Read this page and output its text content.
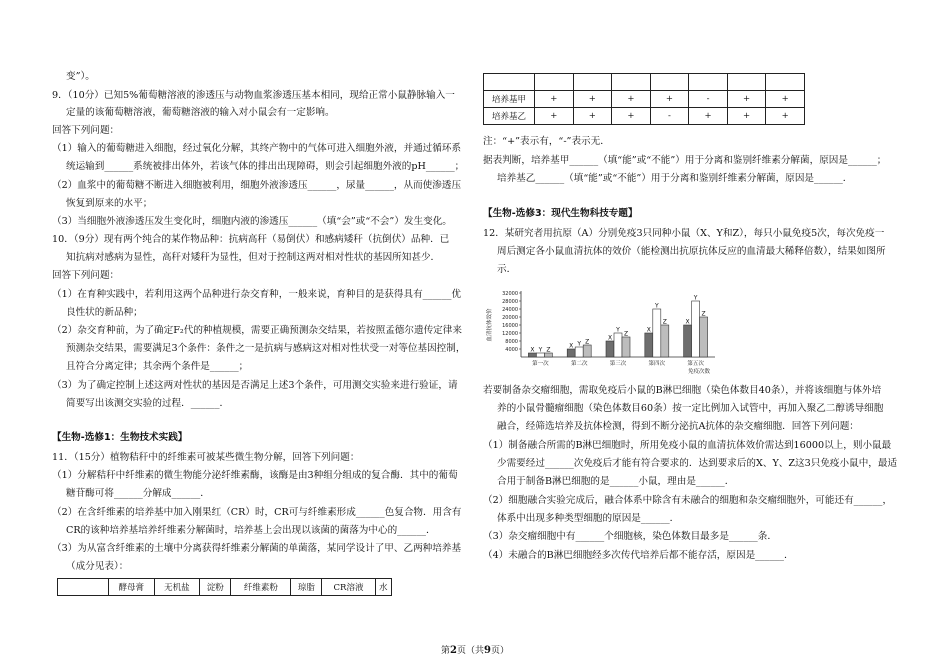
变”）。
9．（10分）已知5%葡萄糖溶液的渗透压与动物血浆渗透压基本相同，现给正常小鼠静脉输入一
定量的该葡萄糖溶液，葡萄糖溶液的输入对小鼠会有一定影响。
回答下列问题：
（1）输入的葡萄糖进入细胞，经过氧化分解，其终产物中的气体可进入细胞外液，并通过循环系
统运输到______系统被排出体外，若该气体的排出出现障碍，则会引起细胞外液的pH______；
（2）血浆中的葡萄糖不断进入细胞被利用，细胞外液渗透压______，尿量______，从而使渗透压
恢复到原来的水平；
（3）当细胞外液渗透压发生变化时，细胞内液的渗透压______（填“会”或“不会”）发生变化。
10．（9分）现有两个纯合的某作物品种：抗病高秆（易倒伏）和感病矮秆（抗倒伏）品种．已
知抗病对感病为显性，高秆对矮秆为显性，但对于控制这两对相对性状的基因所知甚少．
回答下列问题：
（1）在育种实践中，若利用这两个品种进行杂交育种，一般来说，育种目的是获得具有______优
良性状的新品种；
（2）杂交育种前，为了确定F₂代的种植规模，需要正确预测杂交结果，若按照孟德尔遗传定律来
预测杂交结果，需要满足3个条件：条件之一是抗病与感病这对相对性状受一对等位基因控制，
且符合分离定律；其余两个条件是______；
（3）为了确定控制上述这两对性状的基因是否满足上述3个条件，可用测交实验来进行验证，请
简要写出该测交实验的过程．______．
【生物-选修1：生物技术实践】
11．（15分）植物秸秆中的纤维素可被某些微生物分解，回答下列问题：
（1）分解秸秆中纤维素的微生物能分泌纤维素酶，该酶是由3种组分组成的复合酶．其中的葡萄
糖苷酶可将______分解成______．
（2）在含纤维素的培养基中加入刚果红（CR）时，CR可与纤维素形成______色复合物．用含有
CR的该种培养基培养纤维素分解菌时，培养基上会出现以该菌的菌落为中心的______．
（3）为从富含纤维素的土壤中分离获得纤维素分解菌的单菌落，某同学设计了甲、乙两种培养基
（成分见表）：
	酵母膏	无机盐	淀粉	纤维素粉	琼脂	CR溶液	水

培养基甲	+	+	+	+	-	+	+
培养基乙	+	+	+	-	+	+	+
注：“+”表示有，“-”表示无．
据表判断，培养基甲______（填“能”或“不能”）用于分离和鉴别纤维素分解菌，原因是______；
培养基乙______（填“能”或“不能”）用于分离和鉴别纤维素分解菌，原因是______．
【生物-选修3：现代生物科技专题】
12．某研究者用抗原（A）分别免疫3只同种小鼠（X、Y和Z），每只小鼠免疫5次，每次免疫一
周后测定各小鼠血清抗体的效价（能检测出抗原抗体反应的血清最大稀释倍数），结果如图所
示．
若要制备杂交瘤细胞，需取免疫后小鼠的B淋巴细胞（染色体数目40条），并将该细胞与体外培
养的小鼠骨髓瘤细胞（染色体数目60条）按一定比例加入试管中，再加入聚乙二醇诱导细胞
融合，经筛选培养及抗体检测，得到不断分泌抗A抗体的杂交瘤细胞．回答下列问题：
（1）制备融合所需的B淋巴细胞时，所用免疫小鼠的血清抗体效价需达到16000以上，则小鼠最
少需要经过______次免疫后才能有符合要求的．达到要求后的X、Y、Z这3只免疫小鼠中，最适
合用于制备B淋巴细胞的是______小鼠，理由是______．
（2）细胞融合实验完成后，融合体系中除含有未融合的细胞和杂交瘤细胞外，可能还有______，
体系中出现多种类型细胞的原因是______．
（3）杂交瘤细胞中有______个细胞核，染色体数目最多是______条．
（4）未融合的B淋巴细胞经多次传代培养后都不能存活，原因是______．
4000
8000
12000
16000
20000
24000
28000
32000
血清抗体效价
X Y Z
第一次
X Y Z
第二次
X
Y
Z
第三次
X
Y
Z
第四次
X
Y
Z
第五次
免疫次数
第2页（共9页）
